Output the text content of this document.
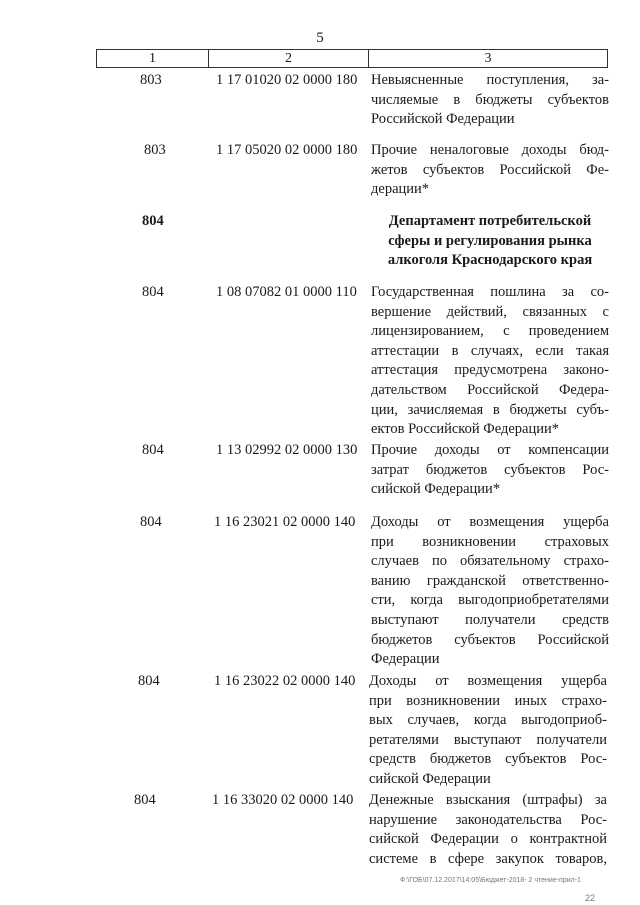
5
1	2	3
803	1 17 01020 02 0000 180 Невыясненные поступления, за-
числяемые в бюджеты субъектов
Российской Федерации
803	1 17 05020 02 0000 180 Прочие неналоговые доходы бюд-
жетов субъектов Российской Фе-
дерации*
804	Департамент потребительской
сферы и регулирования рынка
алкоголя Краснодарского края
804	1 08 07082 01 0000 110 Государственная пошлина за со-
вершение действий, связанных с
лицензированием, с проведением
аттестации в случаях, если такая
аттестация предусмотрена законо-
дательством Российской Федера-
ции, зачисляемая в бюджеты субъ-
ектов Российской Федерации*
804	1 13 02992 02 0000 130 Прочие доходы от компенсации
затрат бюджетов субъектов Рос-
сийской Федерации*
804	1 16 23021 02 0000 140 Доходы от возмещения ущерба
при возникновении страховых
случаев по обязательному страхо-
ванию гражданской ответственно-
сти, когда выгодоприобретателями
выступают получатели средств
бюджетов субъектов Российской
Федерации
804	1 16 23022 02 0000 140 Доходы от возмещения ущерба
при возникновении иных страхо-
вых случаев, когда выгодоприоб-
ретателями выступают получатели
средств бюджетов субъектов Рос-
сийской Федерации
804	1 16 33020 02 0000 140 Денежные взыскания (штрафы) за
нарушение законодательства Рос-
сийской Федерации о контрактной
системе в сфере закупок товаров,
Ф:\ГОБ\07.12.2017\14:05\Бюджет-2018- 2 чтение-прил-1
22
